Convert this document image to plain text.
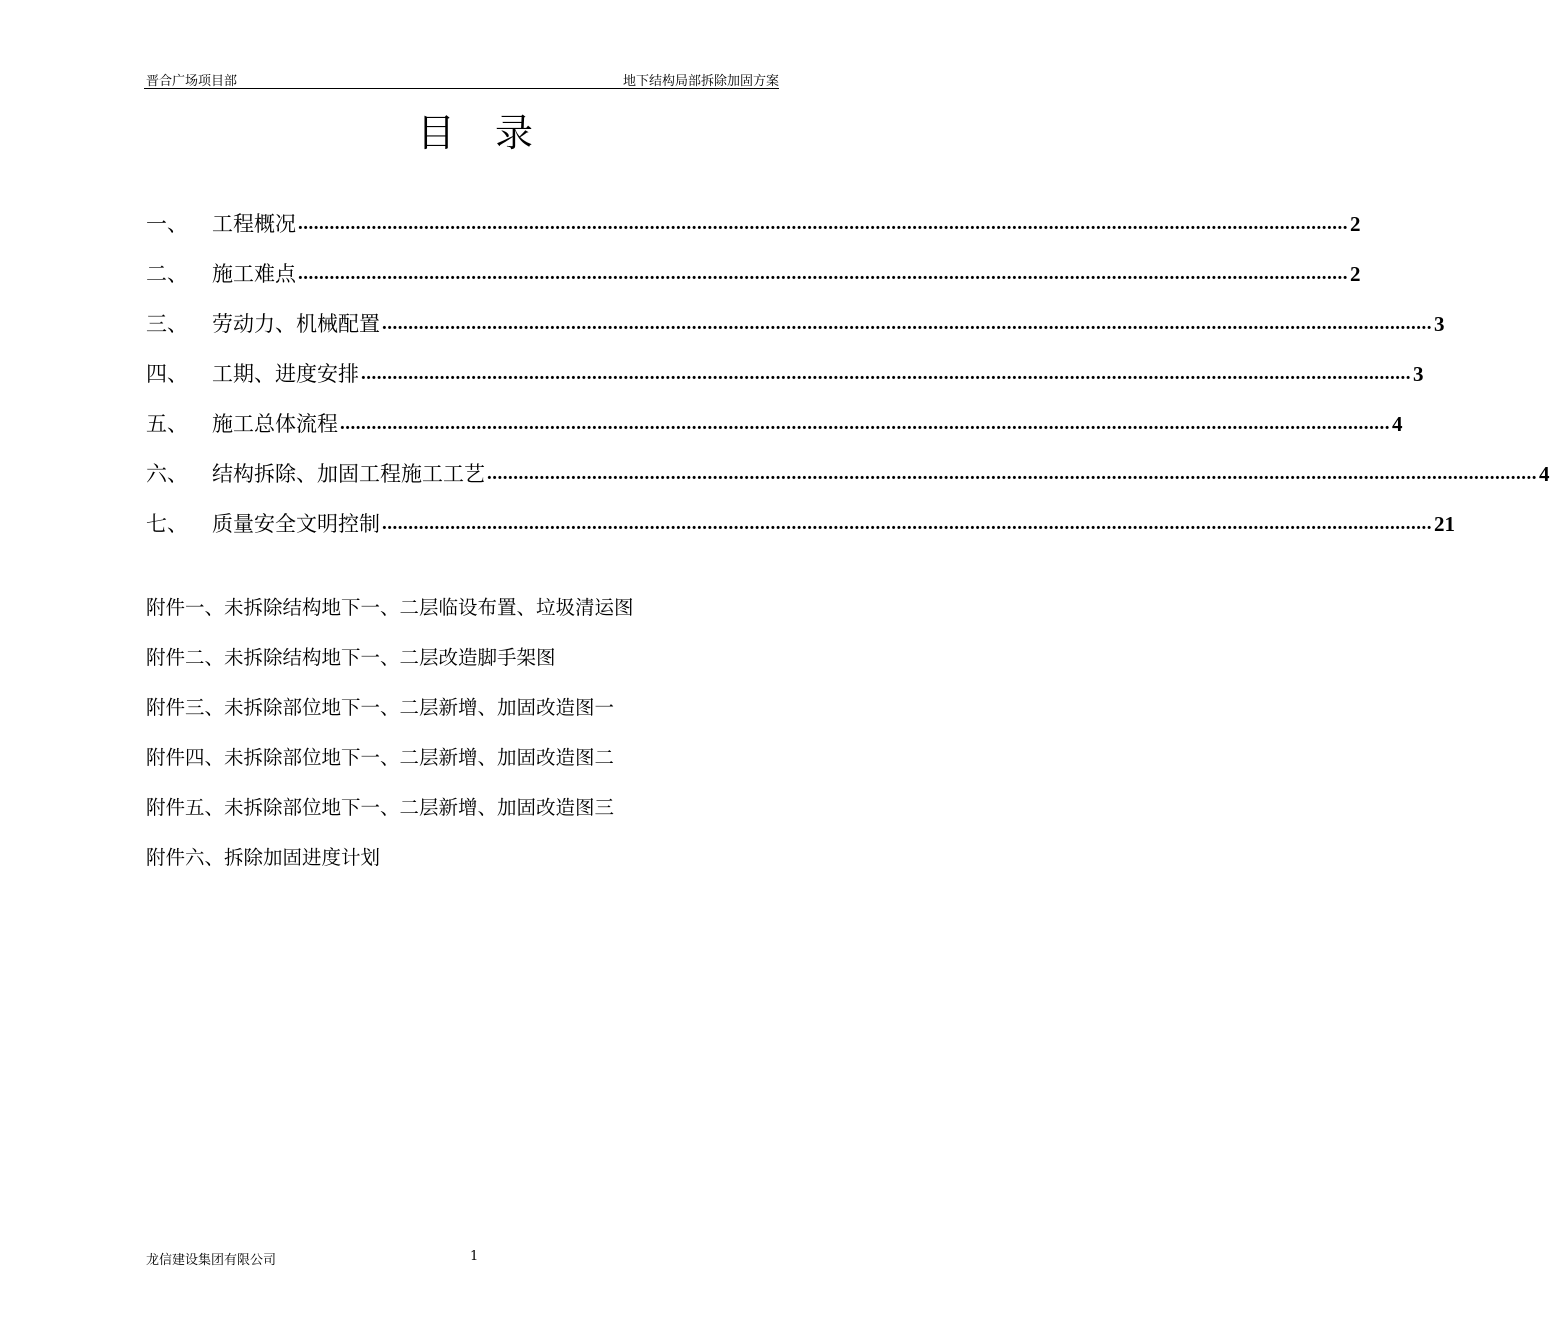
晋合广场项目部	地下结构局部拆除加固方案
目录
一、	工程概况 ........................................................................................................................................................................................................ 2
二、	施工难点 ........................................................................................................................................................................................................ 2
三、	劳动力、机械配置 ........................................................................................................................................................................................................ 3
四、	工期、进度安排 ........................................................................................................................................................................................................ 3
五、	施工总体流程 ........................................................................................................................................................................................................ 4
六、	结构拆除、加固工程施工工艺 ........................................................................................................................................................................................................ 4
七、	质量安全文明控制 ........................................................................................................................................................................................................ 21
附件一、未拆除结构地下一、二层临设布置、垃圾清运图
附件二、未拆除结构地下一、二层改造脚手架图
附件三、未拆除部位地下一、二层新增、加固改造图一
附件四、未拆除部位地下一、二层新增、加固改造图二
附件五、未拆除部位地下一、二层新增、加固改造图三
附件六、拆除加固进度计划
龙信建设集团有限公司	1
